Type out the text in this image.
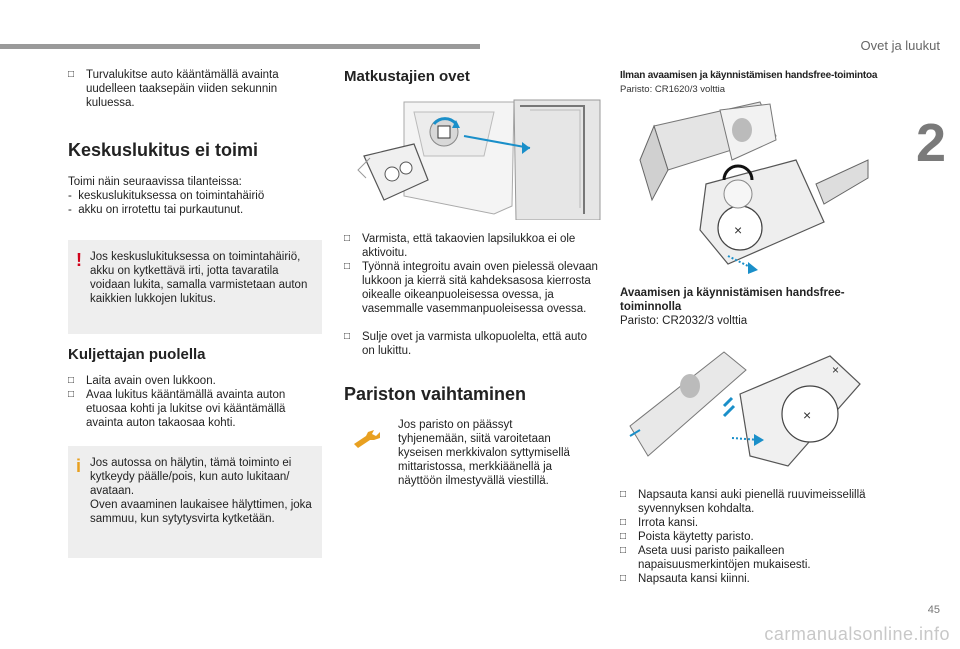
Ovet ja luukut
2
□ Turvalukitse auto kääntämällä avainta uudelleen taaksepäin viiden sekunnin kuluessa.
Keskuslukitus ei toimi
Toimi näin seuraavissa tilanteissa:
-  keskuslukituksessa on toimintahäiriö
-  akku on irrotettu tai purkautunut.
! Jos keskuslukituksessa on toimintahäiriö, akku on kytkettävä irti, jotta tavaratila voidaan lukita, samalla varmistetaan auton kaikkien lukkojen lukitus.
Kuljettajan puolella
□ Laita avain oven lukkoon.
□ Avaa lukitus kääntämällä avainta auton etuosaa kohti ja lukitse ovi kääntämällä avainta auton takaosaa kohti.
i Jos autossa on hälytin, tämä toiminto ei kytkeydy päälle/pois, kun auto lukitaan/ avataan.
Oven avaaminen laukaisee hälyttimen, joka sammuu, kun sytytysvirta kytketään.
Matkustajien ovet
□ Varmista, että takaovien lapsilukkoa ei ole aktivoitu.
□ Työnnä integroitu avain oven pielessä olevaan lukkoon ja kierrä sitä kahdeksasosa kierrosta oikealle oikeanpuoleisessa ovessa, ja vasemmalle vasemmanpuoleisessa ovessa.
□ Sulje ovet ja varmista ulkopuolelta, että auto on lukittu.
Pariston vaihtaminen
Jos paristo on päässyt tyhjenemään, siitä varoitetaan kyseisen merkkivalon syttymisellä mittaristossa, merkkiäänellä ja näyttöön ilmestyvällä viestillä.
Ilman avaamisen ja käynnistämisen handsfree-toimintoa
Paristo: CR1620/3 volttia
×
Avaamisen ja käynnistämisen handsfree-toiminnolla
Paristo: CR2032/3 volttia
×
×
□ Napsauta kansi auki pienellä ruuvimeisselillä syvennyksen kohdalta.
□ Irrota kansi.
□ Poista käytetty paristo.
□ Aseta uusi paristo paikalleen napaisuusmerkintöjen mukaisesti.
□ Napsauta kansi kiinni.
45
carmanualsonline.info
